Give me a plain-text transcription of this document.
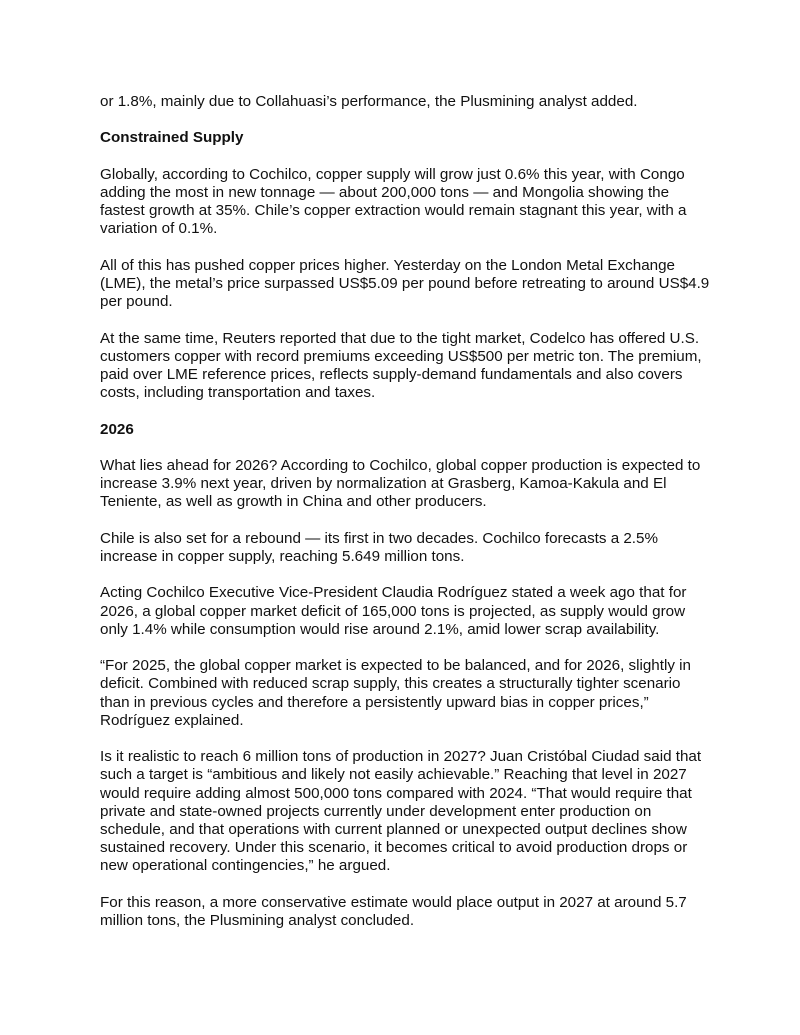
or 1.8%, mainly due to Collahuasi’s performance, the Plusmining analyst added.

Constrained Supply

Globally, according to Cochilco, copper supply will grow just 0.6% this year, with Congo adding the most in new tonnage — about 200,000 tons — and Mongolia showing the fastest growth at 35%. Chile’s copper extraction would remain stagnant this year, with a variation of 0.1%.

All of this has pushed copper prices higher. Yesterday on the London Metal Exchange (LME), the metal’s price surpassed US$5.09 per pound before retreating to around US$4.9 per pound.

At the same time, Reuters reported that due to the tight market, Codelco has offered U.S. customers copper with record premiums exceeding US$500 per metric ton. The premium, paid over LME reference prices, reflects supply-demand fundamentals and also covers costs, including transportation and taxes.

2026

What lies ahead for 2026? According to Cochilco, global copper production is expected to increase 3.9% next year, driven by normalization at Grasberg, Kamoa-Kakula and El Teniente, as well as growth in China and other producers.

Chile is also set for a rebound — its first in two decades. Cochilco forecasts a 2.5% increase in copper supply, reaching 5.649 million tons.

Acting Cochilco Executive Vice-President Claudia Rodríguez stated a week ago that for 2026, a global copper market deficit of 165,000 tons is projected, as supply would grow only 1.4% while consumption would rise around 2.1%, amid lower scrap availability.

“For 2025, the global copper market is expected to be balanced, and for 2026, slightly in deficit. Combined with reduced scrap supply, this creates a structurally tighter scenario than in previous cycles and therefore a persistently upward bias in copper prices,” Rodríguez explained.

Is it realistic to reach 6 million tons of production in 2027? Juan Cristóbal Ciudad said that such a target is “ambitious and likely not easily achievable.” Reaching that level in 2027 would require adding almost 500,000 tons compared with 2024. “That would require that private and state-owned projects currently under development enter production on schedule, and that operations with current planned or unexpected output declines show sustained recovery. Under this scenario, it becomes critical to avoid production drops or new operational contingencies,” he argued.

For this reason, a more conservative estimate would place output in 2027 at around 5.7 million tons, the Plusmining analyst concluded.
